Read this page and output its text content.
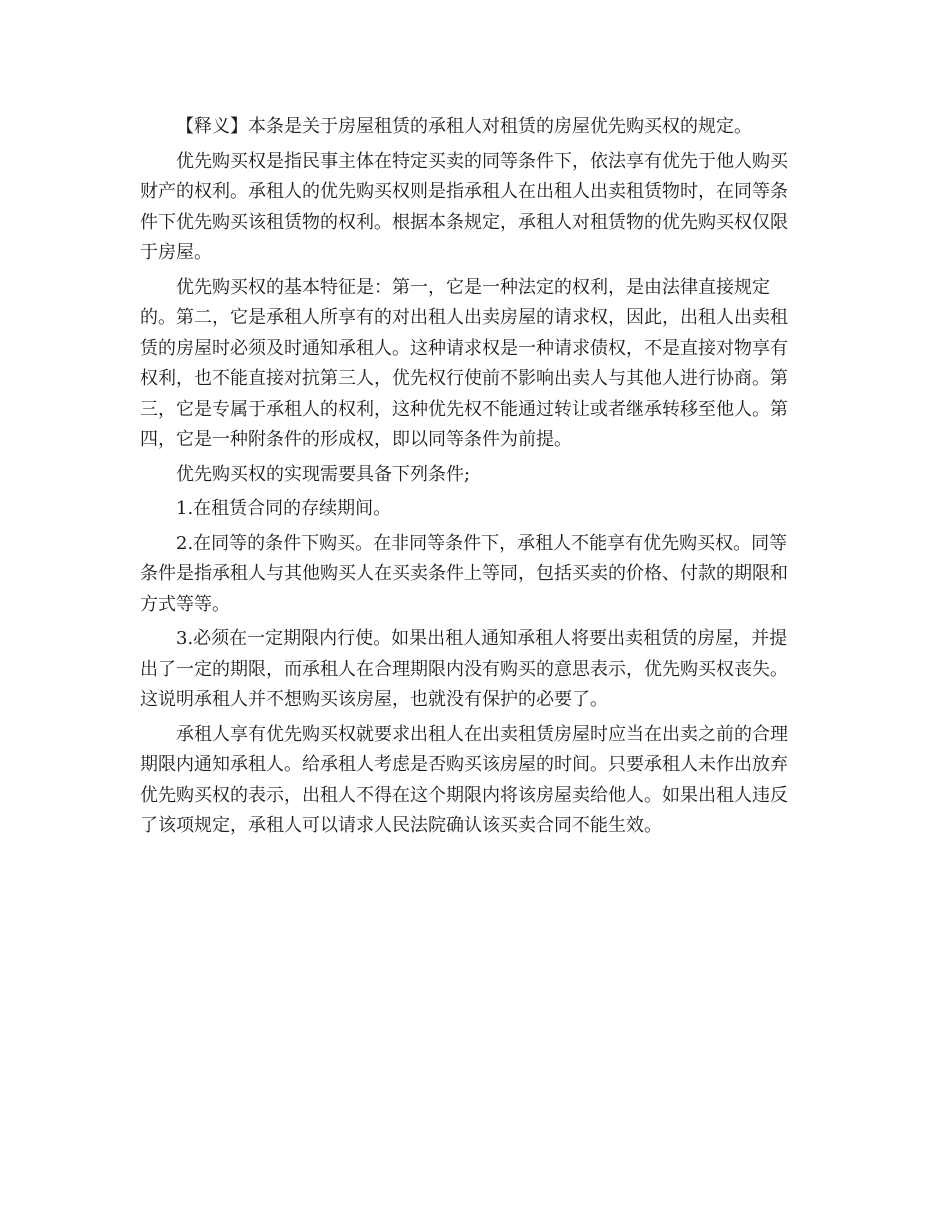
【释义】本条是关于房屋租赁的承租人对租赁的房屋优先购买权的规定。
优先购买权是指民事主体在特定买卖的同等条件下，依法享有优先于他人购买
财产的权利。承租人的优先购买权则是指承租人在出租人出卖租赁物时，在同等条
件下优先购买该租赁物的权利。根据本条规定，承租人对租赁物的优先购买权仅限
于房屋。
优先购买权的基本特征是：第一，它是一种法定的权利，是由法律直接规定
的。第二，它是承租人所享有的对出租人出卖房屋的请求权，因此，出租人出卖租
赁的房屋时必须及时通知承租人。这种请求权是一种请求债权，不是直接对物享有
权利，也不能直接对抗第三人，优先权行使前不影响出卖人与其他人进行协商。第
三，它是专属于承租人的权利，这种优先权不能通过转让或者继承转移至他人。第
四，它是一种附条件的形成权，即以同等条件为前提。
优先购买权的实现需要具备下列条件;
1.在租赁合同的存续期间。
2.在同等的条件下购买。在非同等条件下，承租人不能享有优先购买权。同等
条件是指承租人与其他购买人在买卖条件上等同，包括买卖的价格、付款的期限和
方式等等。
3.必须在一定期限内行使。如果出租人通知承租人将要出卖租赁的房屋，并提
出了一定的期限，而承租人在合理期限内没有购买的意思表示，优先购买权丧失。
这说明承租人并不想购买该房屋，也就没有保护的必要了。
承租人享有优先购买权就要求出租人在出卖租赁房屋时应当在出卖之前的合理
期限内通知承租人。给承租人考虑是否购买该房屋的时间。只要承租人未作出放弃
优先购买权的表示，出租人不得在这个期限内将该房屋卖给他人。如果出租人违反
了该项规定，承租人可以请求人民法院确认该买卖合同不能生效。
